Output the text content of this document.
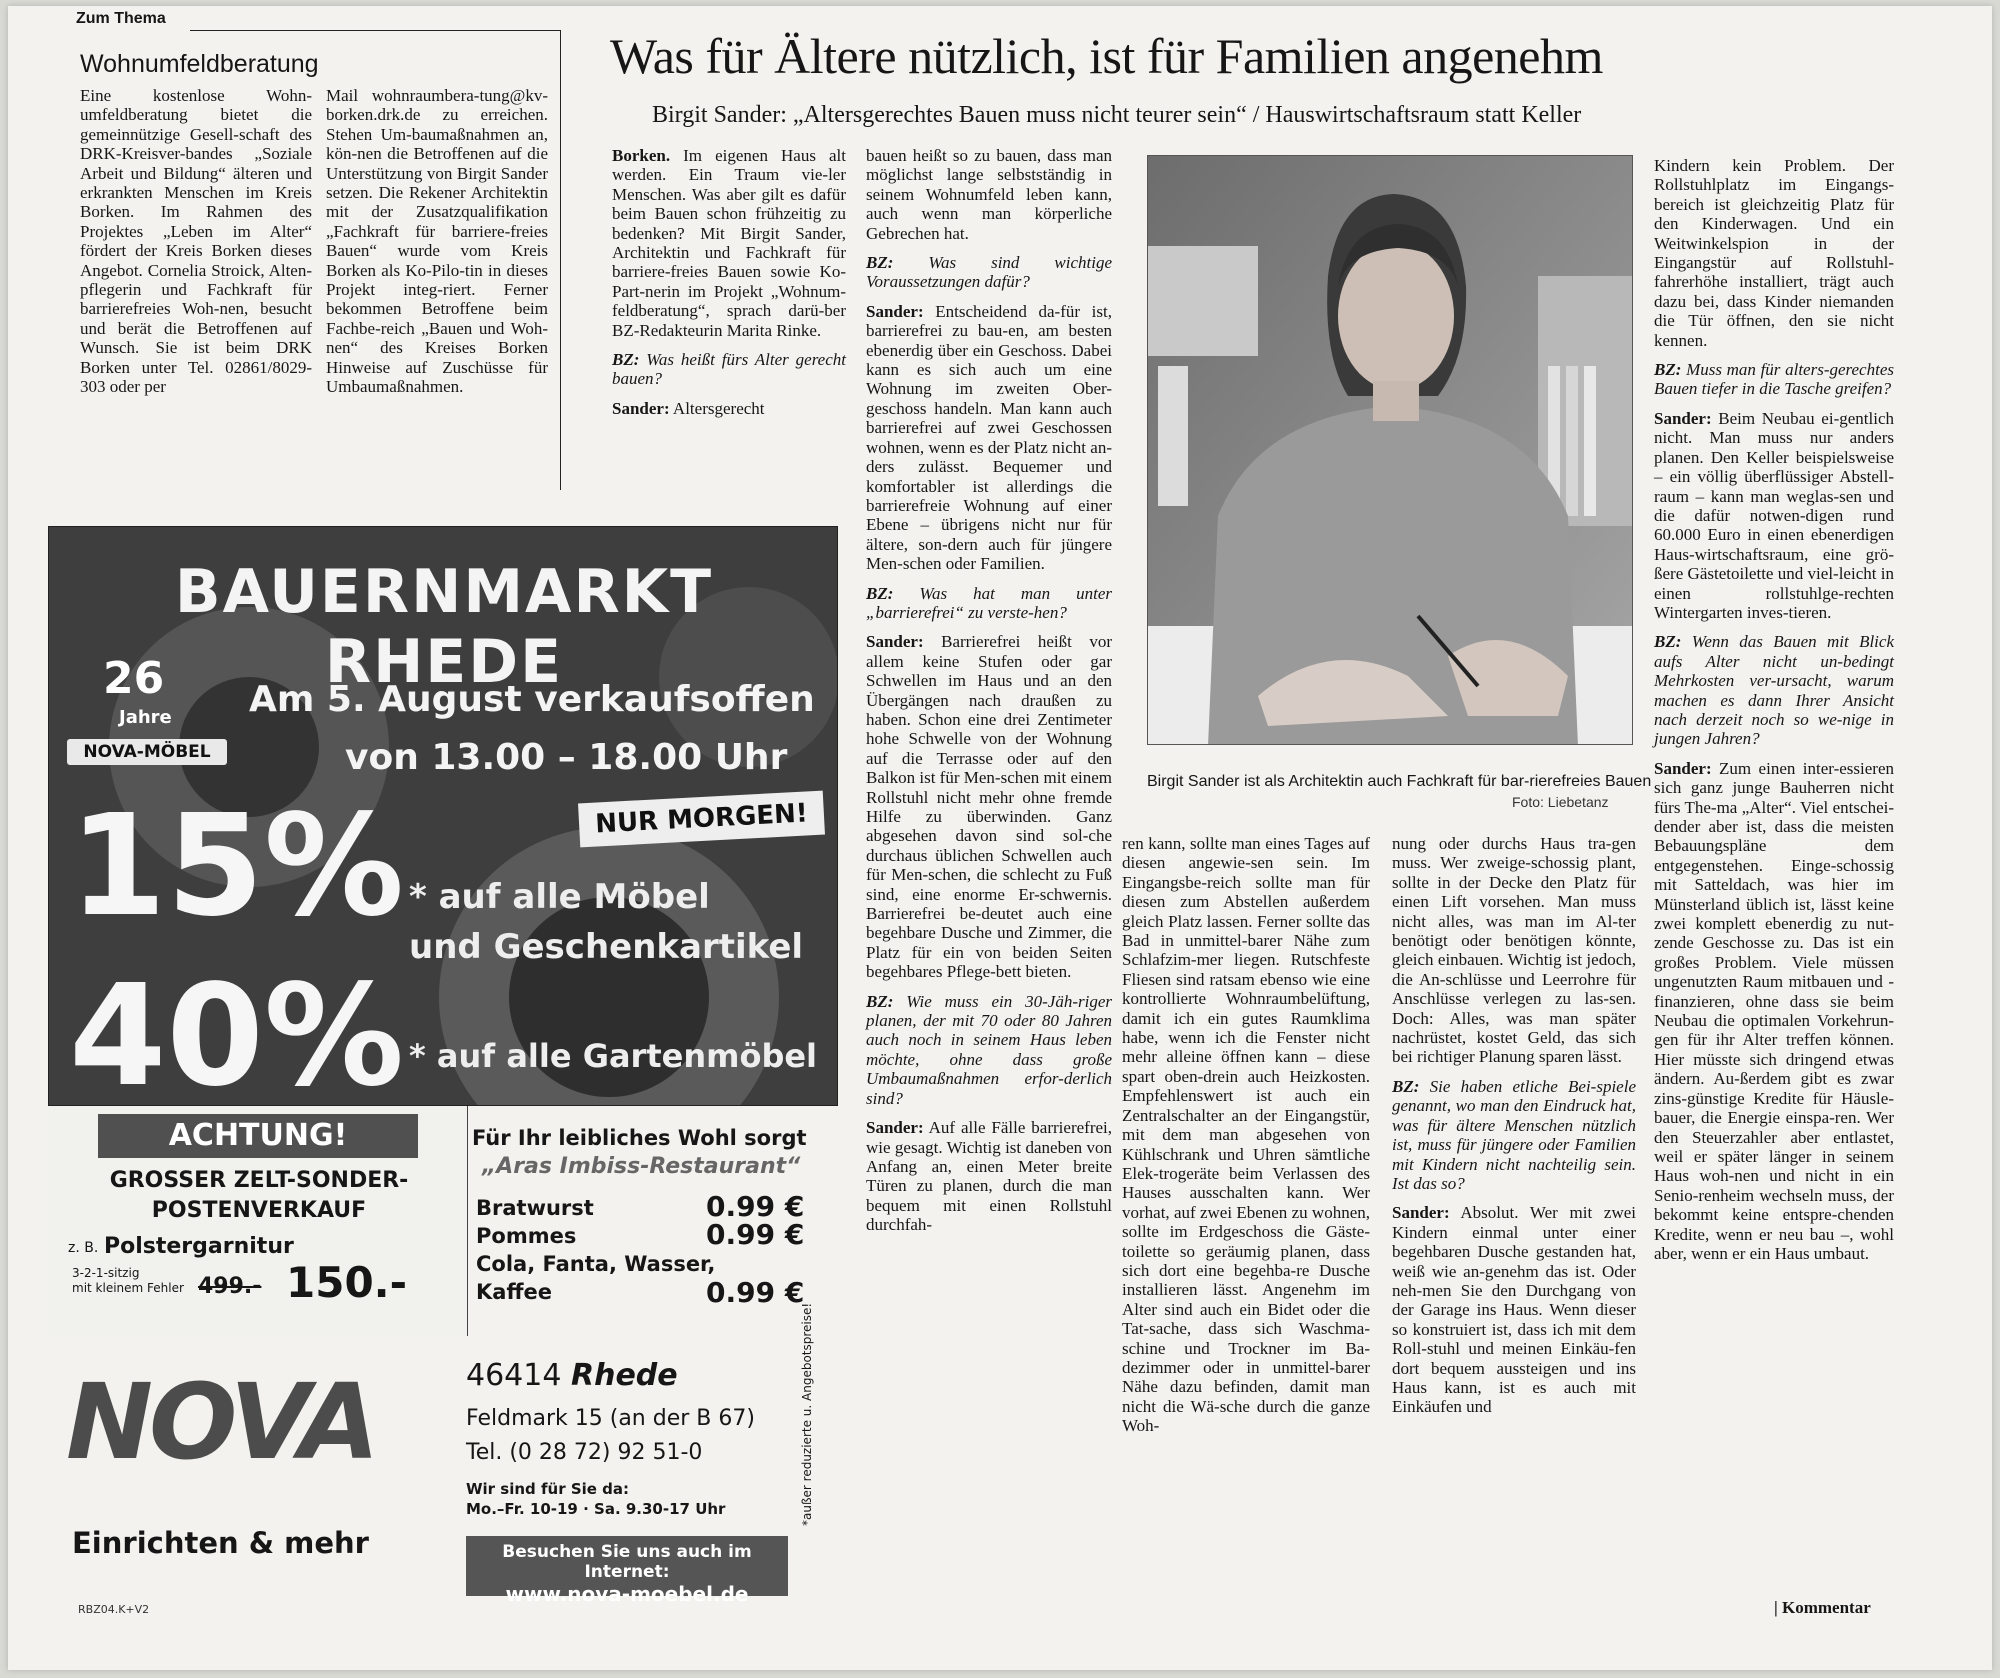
Zum Thema
Wohnumfeldberatung

Eine kostenlose Wohn-umfeldberatung bietet die gemeinnützige Gesell-schaft des DRK-Kreisver-bandes „Soziale Arbeit und Bildung“ älteren und erkrankten Menschen im Kreis Borken. Im Rahmen des Projektes „Leben im Alter“ fördert der Kreis Borken dieses Angebot. Cornelia Stroick, Alten-pflegerin und Fachkraft für barrierefreies Woh-nen, besucht und berät die Betroffenen auf Wunsch. Sie ist beim DRK Borken unter Tel. 02861/8029-303 oder per

Mail wohnraumbera-tung@kv-borken.drk.de zu erreichen. Stehen Um-baumaßnahmen an, kön-nen die Betroffenen auf die Unterstützung von Birgit Sander setzen. Die Rekener Architektin mit der Zusatzqualifikation „Fachkraft für barriere-freies Bauen“ wurde vom Kreis Borken als Ko-Pilo-tin in dieses Projekt integ-riert. Ferner bekommen Betroffene beim Fachbe-reich „Bauen und Woh-nen“ des Kreises Borken Hinweise auf Zuschüsse für Umbaumaßnahmen.

Was für Ältere nützlich, ist für Familien angenehm
Birgit Sander: „Altersgerechtes Bauen muss nicht teurer sein“ / Hauswirtschaftsraum statt Keller

Borken. Im eigenen Haus alt werden. Ein Traum vie-ler Menschen. Was aber gilt es dafür beim Bauen schon frühzeitig zu bedenken? Mit Birgit Sander, Architektin und Fachkraft für barriere-freies Bauen sowie Ko-Part-nerin im Projekt „Wohnum-feldberatung“, sprach darü-ber BZ-Redakteurin Marita Rinke.

BZ: Was heißt fürs Alter gerecht bauen?

Sander: Altersgerecht

bauen heißt so zu bauen, dass man möglichst lange selbstständig in seinem Wohnumfeld leben kann, auch wenn man körperliche Gebrechen hat.

BZ: Was sind wichtige Voraussetzungen dafür?

Sander: Entscheidend da-für ist, barrierefrei zu bau-en, am besten ebenerdig über ein Geschoss. Dabei kann es sich auch um eine Wohnung im zweiten Ober-geschoss handeln. Man kann auch barrierefrei auf zwei Geschossen wohnen, wenn es der Platz nicht an-ders zulässt. Bequemer und komfortabler ist allerdings die barrierefreie Wohnung auf einer Ebene – übrigens nicht nur für ältere, son-dern auch für jüngere Men-schen oder Familien.

BZ: Was hat man unter „barrierefrei“ zu verste-hen?

Sander: Barrierefrei heißt vor allem keine Stufen oder gar Schwellen im Haus und an den Übergängen nach draußen zu haben. Schon eine drei Zentimeter hohe Schwelle von der Wohnung auf die Terrasse oder auf den Balkon ist für Men-schen mit einem Rollstuhl nicht mehr ohne fremde Hilfe zu überwinden. Ganz abgesehen davon sind sol-che durchaus üblichen Schwellen auch für Men-schen, die schlecht zu Fuß sind, eine enorme Er-schwernis. Barrierefrei be-deutet auch eine begehbare Dusche und Zimmer, die Platz für ein von beiden Seiten begehbares Pflege-bett bieten.

BZ: Wie muss ein 30-Jäh-riger planen, der mit 70 oder 80 Jahren auch noch in seinem Haus leben möchte, ohne dass große Umbaumaßnahmen erfor-derlich sind?

Sander: Auf alle Fälle barrierefrei, wie gesagt. Wichtig ist daneben von Anfang an, einen Meter breite Türen zu planen, durch die man bequem mit einen Rollstuhl durchfah-

Birgit Sander ist als Architektin auch Fachkraft für bar-rierefreies Bauen
Foto: Liebetanz

ren kann, sollte man eines Tages auf diesen angewie-sen sein. Im Eingangsbe-reich sollte man für diesen zum Abstellen außerdem gleich Platz lassen. Ferner sollte das Bad in unmittel-barer Nähe zum Schlafzim-mer liegen. Rutschfeste Fliesen sind ratsam ebenso wie eine kontrollierte Wohnraumbelüftung, damit ich ein gutes Raumklima habe, wenn ich die Fenster nicht mehr alleine öffnen kann – diese spart oben-drein auch Heizkosten. Empfehlenswert ist auch ein Zentralschalter an der Eingangstür, mit dem man abgesehen von Kühlschrank und Uhren sämtliche Elek-trogeräte beim Verlassen des Hauses ausschalten kann. Wer vorhat, auf zwei Ebenen zu wohnen, sollte im Erdgeschoss die Gäste-toilette so geräumig planen, dass sich dort eine begehba-re Dusche installieren lässt. Angenehm im Alter sind auch ein Bidet oder die Tat-sache, dass sich Waschma-schine und Trockner im Ba-dezimmer oder in unmittel-barer Nähe dazu befinden, damit man nicht die Wä-sche durch die ganze Woh-

nung oder durchs Haus tra-gen muss. Wer zweige-schossig plant, sollte in der Decke den Platz für einen Lift vorsehen. Man muss nicht alles, was man im Al-ter benötigt oder benötigen könnte, gleich einbauen. Wichtig ist jedoch, die An-schlüsse und Leerrohre für Anschlüsse verlegen zu las-sen. Doch: Alles, was man später nachrüstet, kostet Geld, das sich bei richtiger Planung sparen lässt.

BZ: Sie haben etliche Bei-spiele genannt, wo man den Eindruck hat, was für ältere Menschen nützlich ist, muss für jüngere oder Familien mit Kindern nicht nachteilig sein. Ist das so?

Sander: Absolut. Wer mit zwei Kindern einmal unter einer begehbaren Dusche gestanden hat, weiß wie an-genehm das ist. Oder neh-men Sie den Durchgang von der Garage ins Haus. Wenn dieser so konstruiert ist, dass ich mit dem Roll-stuhl und meinen Einkäu-fen dort bequem aussteigen und ins Haus kann, ist es auch mit Einkäufen und

Kindern kein Problem. Der Rollstuhlplatz im Eingangs-bereich ist gleichzeitig Platz für den Kinderwagen. Und ein Weitwinkelspion in der Eingangstür auf Rollstuhl-fahrerhöhe installiert, trägt auch dazu bei, dass Kinder niemanden die Tür öffnen, den sie nicht kennen.

BZ: Muss man für alters-gerechtes Bauen tiefer in die Tasche greifen?

Sander: Beim Neubau ei-gentlich nicht. Man muss nur anders planen. Den Keller beispielsweise – ein völlig überflüssiger Abstell-raum – kann man weglas-sen und die dafür notwen-digen rund 60.000 Euro in einen ebenerdigen Haus-wirtschaftsraum, eine grö-ßere Gästetoilette und viel-leicht in einen rollstuhlge-rechten Wintergarten inves-tieren.

BZ: Wenn das Bauen mit Blick aufs Alter nicht un-bedingt Mehrkosten ver-ursacht, warum machen es dann Ihrer Ansicht nach derzeit noch so we-nige in jungen Jahren?

Sander: Zum einen inter-essieren sich ganz junge Bauherren nicht fürs The-ma „Alter“. Viel entschei-dender aber ist, dass die meisten Bebauungspläne dem entgegenstehen. Einge-schossig mit Satteldach, was hier im Münsterland üblich ist, lässt keine zwei komplett ebenerdig zu nut-zende Geschosse zu. Das ist ein großes Problem. Viele müssen ungenutzten Raum mitbauen und -finanzieren, ohne dass sie beim Neubau die optimalen Vorkehrun-gen für ihr Alter treffen können. Hier müsste sich dringend etwas ändern. Au-ßerdem gibt es zwar zins-günstige Kredite für Häusle-bauer, die Energie einspa-ren. Wer den Steuerzahler aber entlastet, weil er später länger in seinem Haus woh-nen und nicht in ein Senio-renheim wechseln muss, der bekommt keine entspre-chenden Kredite, wenn er neu bau –, wohl aber, wenn er ein Haus umbaut.

| Kommentar
BAUERNMARKT RHEDE
26
Jahre
NOVA-MÖBEL
Am 5. August verkaufsoffen
von 13.00 – 18.00 Uhr
15%	NUR MORGEN!
* auf alle Möbel
und Geschenkartikel
40% * auf alle Gartenmöbel
ACHTUNG!
GROSSER ZELT-SONDER-
POSTENVERKAUF
z. B. Polstergarnitur
3-2-1-sitzig
mit kleinem Fehler 499.- 150.-
Für Ihr leibliches Wohl sorgt
„Aras Imbiss-Restaurant“
Bratwurst	0.99 €
Pommes	0.99 €
Cola, Fanta, Wasser,
Kaffee	0.99 €
NOVA
Einrichten & mehr
46414 Rhede
Feldmark 15 (an der B 67)
Tel. (0 28 72) 92 51-0
Wir sind für Sie da:
Mo.–Fr. 10-19 · Sa. 9.30-17 Uhr	*außer reduzierte u. Angebotspreise!
Besuchen Sie uns auch im Internet:
www.nova-moebel.de
RBZ04.K+V2
